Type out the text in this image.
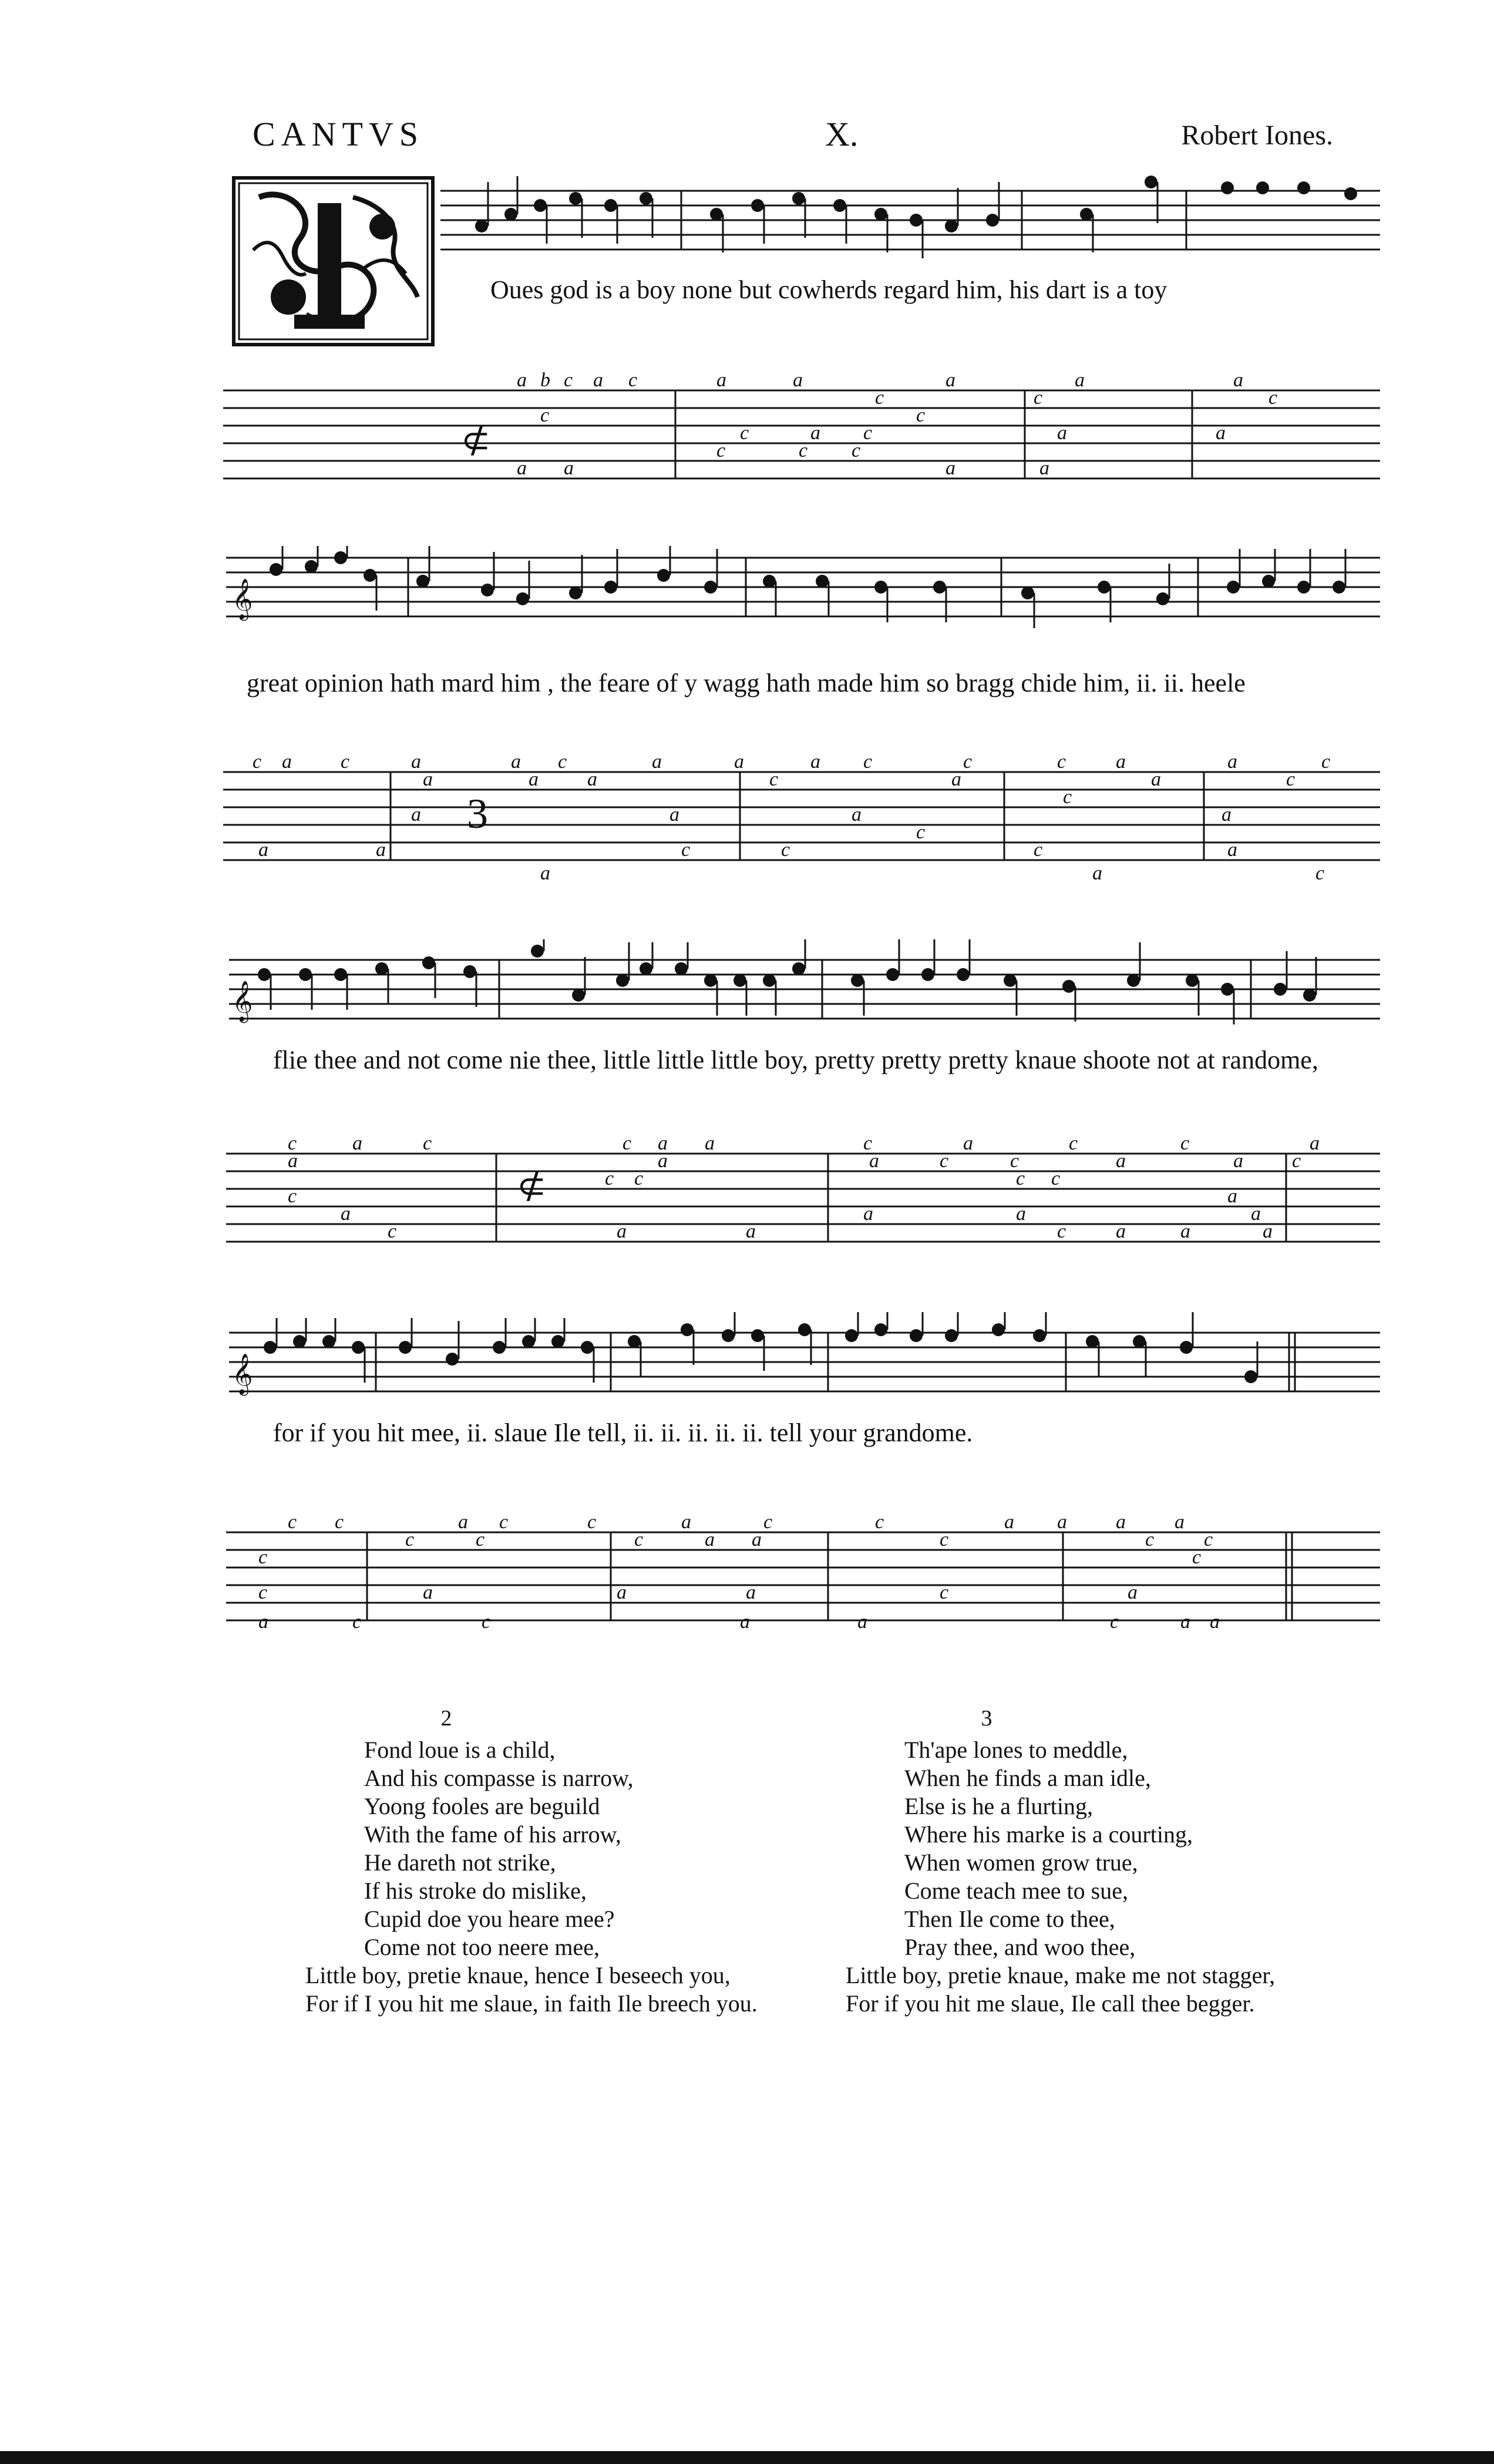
CANTVS	X.	Robert Iones.
a b c a c	a	a
c
a
c
a	a
c
c
c	a c
c
a	a
a a
c	c c
a	a
⊄
Oues god is a boy none but cowherds regard him, his dart is a toy
𝄞
c a c	a	a c	a	a	a c	c	c a	a	c
a	a a	c	a	a	c
a	a	a
c
a
a	a	c	c
c
c	a
a	a	c
3
great opinion hath mard him , the feare of y wagg hath made him so bragg chide him, ii. ii. heele
𝄞
c	a	c	c a a	c	a	c	c	a
a	a	a	c	c	a	a c
c c	c c
c	a
a	a	a	a
c	a	a	c a	a	a
⊄
flie thee and not come nie thee, little little little boy, pretty pretty pretty knaue shoote not at randome,
𝄞
c c	a c	c	a	c	c	a a a a
c	c	c	a a	c	c c
c	c
c	a	a	a	c	a
a	c	c	a	a	c	a a
for if you hit mee, ii. slaue Ile tell, ii. ii. ii. ii. ii. tell your grandome.
2
Fond loue is a child,
And his compasse is narrow,
Yoong fooles are beguild
With the fame of his arrow,
He dareth not strike,
If his stroke do mislike,
Cupid doe you heare mee?
Come not too neere mee,
Little boy, pretie knaue, hence I beseech you,
For if I you hit me slaue, in faith Ile breech you.
3
Th'ape lones to meddle,
When he finds a man idle,
Else is he a flurting,
Where his marke is a courting,
When women grow true,
Come teach mee to sue,
Then Ile come to thee,
Pray thee, and woo thee,
Little boy, pretie knaue, make me not stagger,
For if you hit me slaue, Ile call thee begger.
